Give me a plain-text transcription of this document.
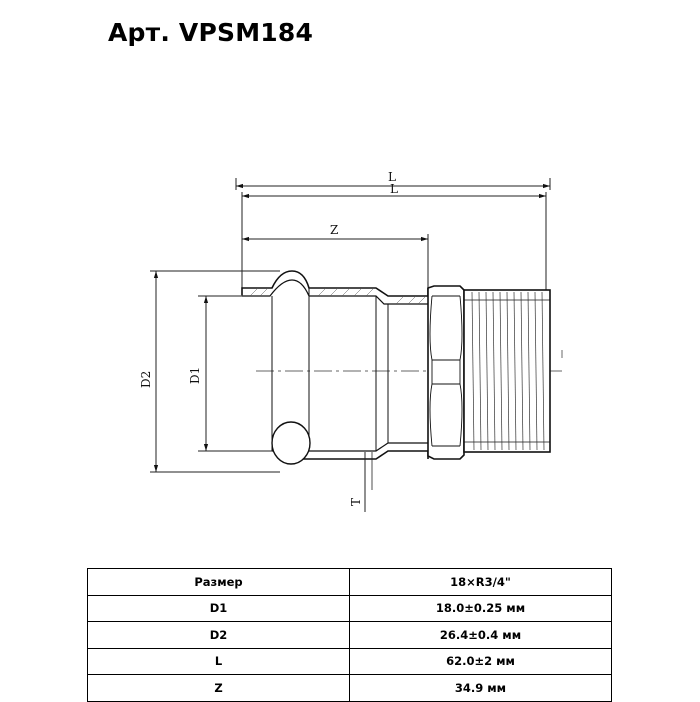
Арт. VPSM184
L
L
Z
D2	D1
T
Размер	18×R3/4"
D1	18.0±0.25 мм
D2	26.4±0.4 мм
L	62.0±2 мм
Z	34.9 мм
